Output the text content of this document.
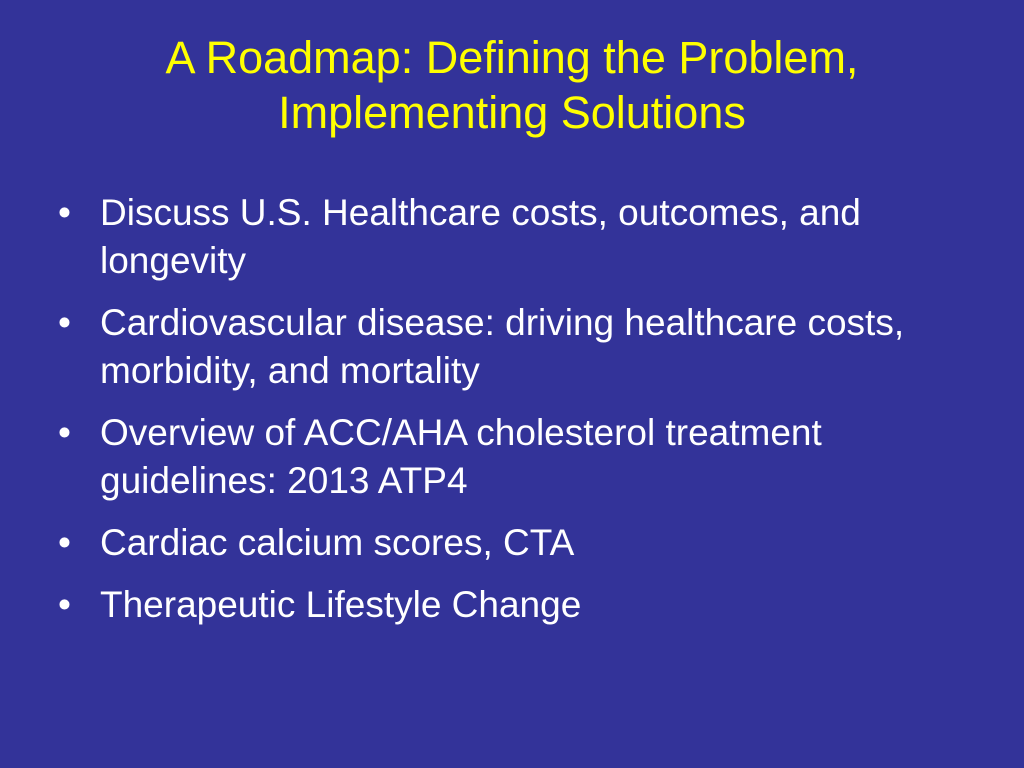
A Roadmap: Defining the Problem,
Implementing Solutions
• Discuss U.S. Healthcare costs, outcomes, and longevity
• Cardiovascular disease: driving healthcare costs, morbidity, and mortality
• Overview of ACC/AHA cholesterol treatment guidelines: 2013 ATP4
• Cardiac calcium scores, CTA
• Therapeutic Lifestyle Change
